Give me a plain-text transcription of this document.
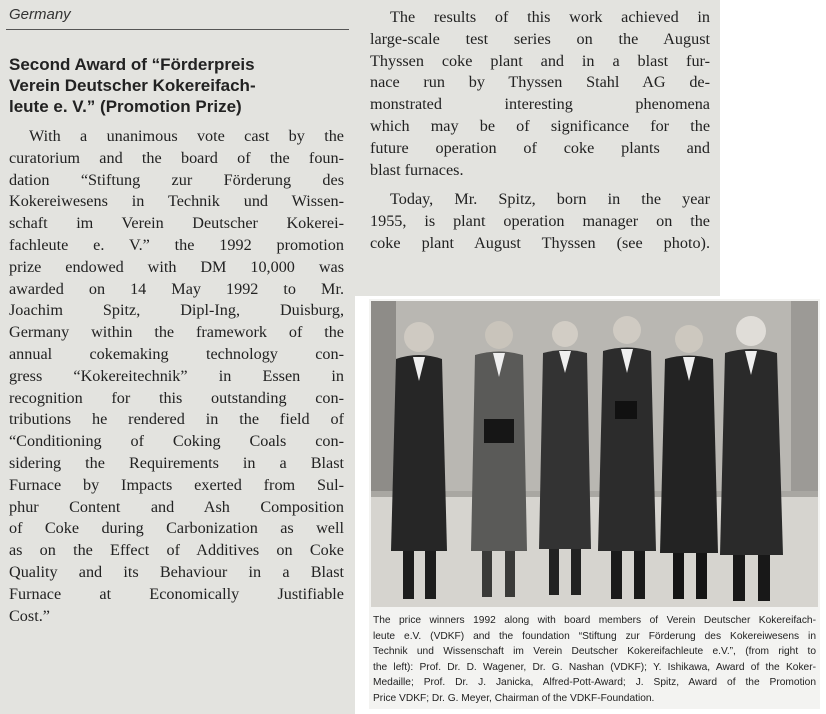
Germany
Second Award of “Förderpreis
Verein Deutscher Kokereifach-
leute e. V.” (Promotion Prize)
With a unanimous vote cast by the
curatorium and the board of the foun-
dation “Stiftung zur Förderung des
Kokereiwesens in Technik und Wissen-
schaft im Verein Deutscher Kokerei-
fachleute e. V.” the 1992 promotion
prize endowed with DM 10,000 was
awarded on 14 May 1992 to Mr.
Joachim Spitz, Dipl-Ing, Duisburg,
Germany within the framework of the
annual cokemaking technology con-
gress “Kokereitechnik” in Essen in
recognition for this outstanding con-
tributions he rendered in the field of
“Conditioning of Coking Coals con-
sidering the Requirements in a Blast
Furnace by Impacts exerted from Sul-
phur Content and Ash Composition
of Coke during Carbonization as well
as on the Effect of Additives on Coke
Quality and its Behaviour in a Blast
Furnace at Economically Justifiable
Cost.”
The results of this work achieved in
large-scale test series on the August
Thyssen coke plant and in a blast fur-
nace run by Thyssen Stahl AG de-
monstrated interesting phenomena
which may be of significance for the
future operation of coke plants and
blast furnaces.
Today, Mr. Spitz, born in the year
1955, is plant operation manager on the
coke plant August Thyssen (see photo).
The price winners 1992 along with board members of Verein Deutscher Kokereifach-
leute e.V. (VDKF) and the foundation “Stiftung zur Förderung des Kokereiwesens in
Technik und Wissenschaft im Verein Deutscher Kokereifachleute e.V.”, (from right to
the left): Prof. Dr. D. Wagener, Dr. G. Nashan (VDKF); Y. Ishikawa, Award of the Koker-
Medaille; Prof. Dr. J. Janicka, Alfred-Pott-Award; J. Spitz, Award of the Promotion
Price VDKF; Dr. G. Meyer, Chairman of the VDKF-Foundation.
